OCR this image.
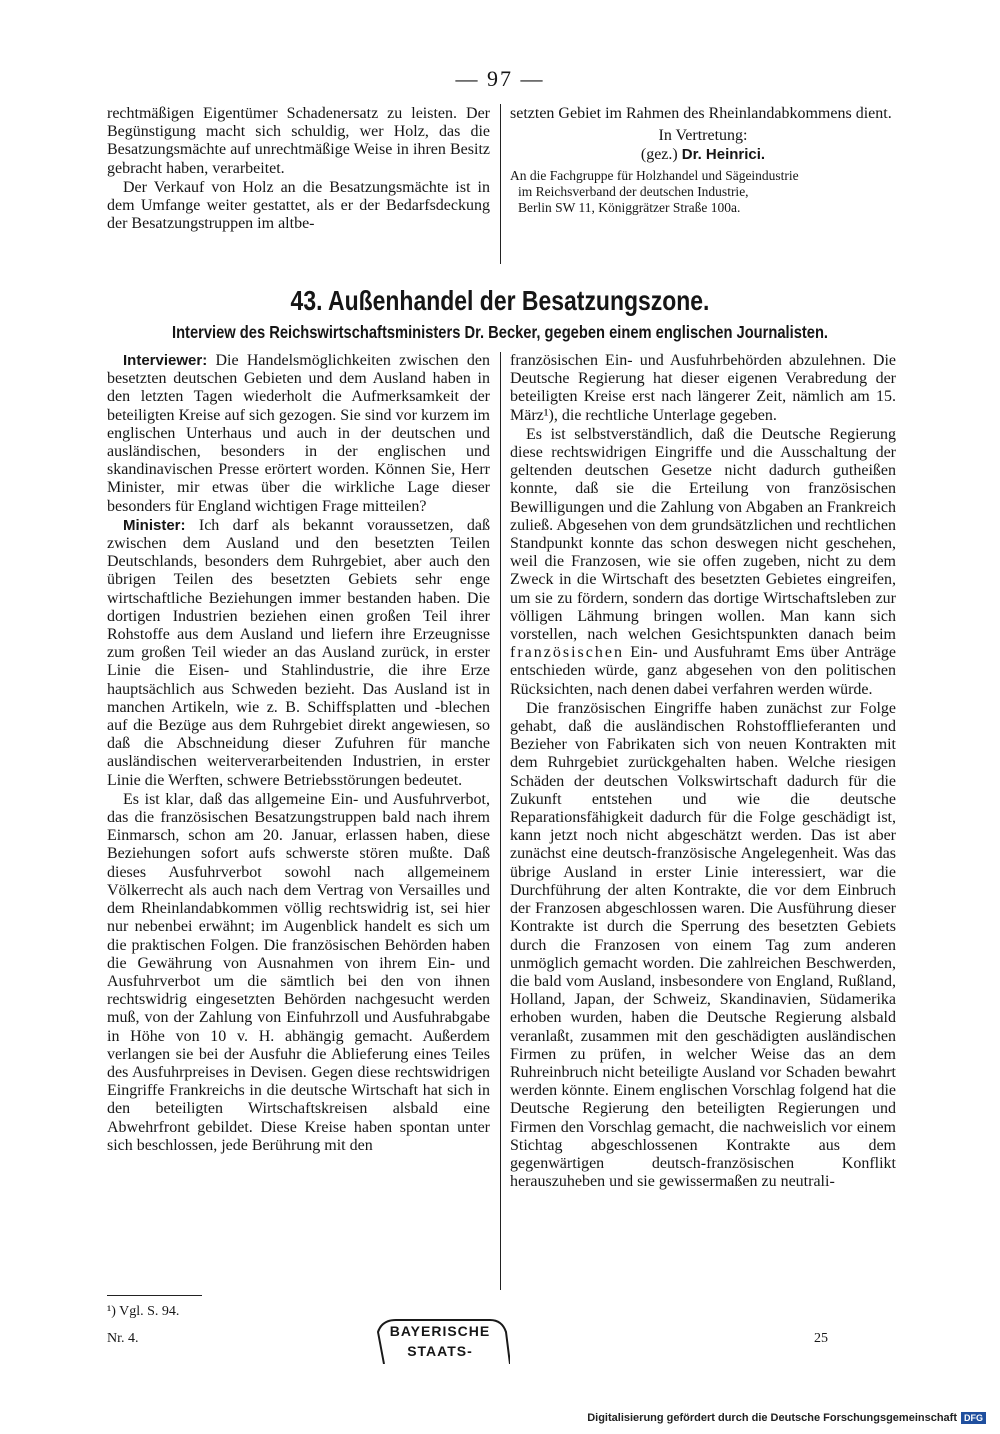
— 97 —

rechtmäßigen Eigentümer Schadenersatz zu leisten. Der Begünstigung macht sich schuldig, wer Holz, das die Besatzungsmächte auf unrechtmäßige Weise in ihren Besitz gebracht haben, verarbeitet.

Der Verkauf von Holz an die Besatzungsmächte ist in dem Umfange weiter gestattet, als er der Bedarfsdeckung der Besatzungstruppen im altbe-

setzten Gebiet im Rahmen des Rheinlandabkommens dient.

In Vertretung:

(gez.) Dr. Heinrici.

An die Fachgruppe für Holzhandel und Sägeindustrie

im Reichsverband der deutschen Industrie,

Berlin SW 11, Königgrätzer Straße 100a.

43. Außenhandel der Besatzungszone.
Interview des Reichswirtschaftsministers Dr. Becker, gegeben einem englischen Journalisten.

Interviewer: Die Handelsmöglichkeiten zwischen den besetzten deutschen Gebieten und dem Ausland haben in den letzten Tagen wiederholt die Aufmerksamkeit der beteiligten Kreise auf sich gezogen. Sie sind vor kurzem im englischen Unterhaus und auch in der deutschen und ausländischen, besonders in der englischen und skandinavischen Presse erörtert worden. Können Sie, Herr Minister, mir etwas über die wirkliche Lage dieser besonders für England wichtigen Frage mitteilen?

Minister: Ich darf als bekannt voraussetzen, daß zwischen dem Ausland und den besetzten Teilen Deutschlands, besonders dem Ruhrgebiet, aber auch den übrigen Teilen des besetzten Gebiets sehr enge wirtschaftliche Beziehungen immer bestanden haben. Die dortigen Industrien beziehen einen großen Teil ihrer Rohstoffe aus dem Ausland und liefern ihre Erzeugnisse zum großen Teil wieder an das Ausland zurück, in erster Linie die Eisen- und Stahlindustrie, die ihre Erze hauptsächlich aus Schweden bezieht. Das Ausland ist in manchen Artikeln, wie z. B. Schiffsplatten und -blechen auf die Bezüge aus dem Ruhrgebiet direkt angewiesen, so daß die Abschneidung dieser Zufuhren für manche ausländischen weiterverarbeitenden Industrien, in erster Linie die Werften, schwere Betriebsstörungen bedeutet.

Es ist klar, daß das allgemeine Ein- und Ausfuhrverbot, das die französischen Besatzungstruppen bald nach ihrem Einmarsch, schon am 20. Januar, erlassen haben, diese Beziehungen sofort aufs schwerste stören mußte. Daß dieses Ausfuhrverbot sowohl nach allgemeinem Völkerrecht als auch nach dem Vertrag von Versailles und dem Rheinlandabkommen völlig rechtswidrig ist, sei hier nur nebenbei erwähnt; im Augenblick handelt es sich um die praktischen Folgen. Die französischen Behörden haben die Gewährung von Ausnahmen von ihrem Ein- und Ausfuhrverbot um die sämtlich bei den von ihnen rechtswidrig eingesetzten Behörden nachgesucht werden muß, von der Zahlung von Einfuhrzoll und Ausfuhrabgabe in Höhe von 10 v. H. abhängig gemacht. Außerdem verlangen sie bei der Ausfuhr die Ablieferung eines Teiles des Ausfuhrpreises in Devisen. Gegen diese rechtswidrigen Eingriffe Frankreichs in die deutsche Wirtschaft hat sich in den beteiligten Wirtschaftskreisen alsbald eine Abwehrfront gebildet. Diese Kreise haben spontan unter sich beschlossen, jede Berührung mit den

französischen Ein- und Ausfuhrbehörden abzulehnen. Die Deutsche Regierung hat dieser eigenen Verabredung der beteiligten Kreise erst nach längerer Zeit, nämlich am 15. März¹), die rechtliche Unterlage gegeben.

Es ist selbstverständlich, daß die Deutsche Regierung diese rechtswidrigen Eingriffe und die Ausschaltung der geltenden deutschen Gesetze nicht dadurch gutheißen konnte, daß sie die Erteilung von französischen Bewilligungen und die Zahlung von Abgaben an Frankreich zuließ. Abgesehen von dem grundsätzlichen und rechtlichen Standpunkt konnte das schon deswegen nicht geschehen, weil die Franzosen, wie sie offen zugeben, nicht zu dem Zweck in die Wirtschaft des besetzten Gebietes eingreifen, um sie zu fördern, sondern das dortige Wirtschaftsleben zur völligen Lähmung bringen wollen. Man kann sich vorstellen, nach welchen Gesichtspunkten danach beim französischen Ein- und Ausfuhramt Ems über Anträge entschieden würde, ganz abgesehen von den politischen Rücksichten, nach denen dabei verfahren werden würde.

Die französischen Eingriffe haben zunächst zur Folge gehabt, daß die ausländischen Rohstofflieferanten und Bezieher von Fabrikaten sich von neuen Kontrakten mit dem Ruhrgebiet zurückgehalten haben. Welche riesigen Schäden der deutschen Volkswirtschaft dadurch für die Zukunft entstehen und wie die deutsche Reparationsfähigkeit dadurch für die Folge geschädigt ist, kann jetzt noch nicht abgeschätzt werden. Das ist aber zunächst eine deutsch-französische Angelegenheit. Was das übrige Ausland in erster Linie interessiert, war die Durchführung der alten Kontrakte, die vor dem Einbruch der Franzosen abgeschlossen waren. Die Ausführung dieser Kontrakte ist durch die Sperrung des besetzten Gebiets durch die Franzosen von einem Tag zum anderen unmöglich gemacht worden. Die zahlreichen Beschwerden, die bald vom Ausland, insbesondere von England, Rußland, Holland, Japan, der Schweiz, Skandinavien, Südamerika erhoben wurden, haben die Deutsche Regierung alsbald veranlaßt, zusammen mit den geschädigten ausländischen Firmen zu prüfen, in welcher Weise das an dem Ruhreinbruch nicht beteiligte Ausland vor Schaden bewahrt werden könnte. Einem englischen Vorschlag folgend hat die Deutsche Regierung den beteiligten Regierungen und Firmen den Vorschlag gemacht, die nachweislich vor einem Stichtag abgeschlossenen Kontrakte aus dem gegenwärtigen deutsch-französischen Konflikt herauszuheben und sie gewissermaßen zu neutrali-

¹) Vgl. S. 94.
Nr. 4.	25
BAYERISCHE
STAATS-
Digitalisierung gefördert durch die Deutsche Forschungsgemeinschaft DFG
